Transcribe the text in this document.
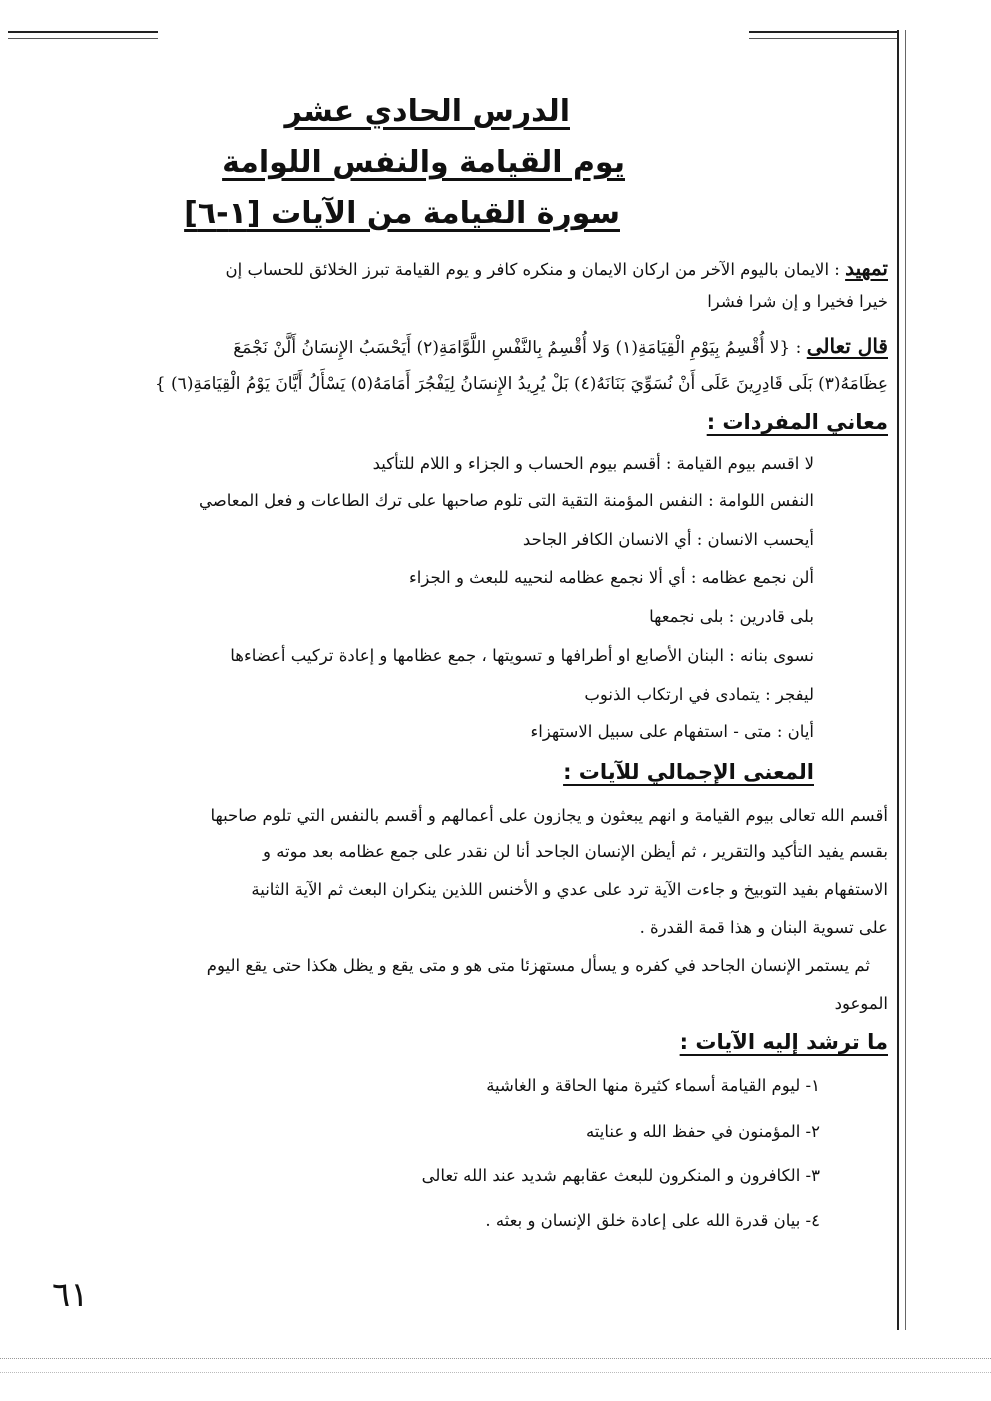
الدرس الحادي عشر
يوم القيامة والنفس اللوامة
سورة القيامة من الآيات [١-٦]
تمهيد : الايمان باليوم الآخر من اركان الايمان و منكره كافر و يوم القيامة تبرز الخلائق للحساب إن
خيرا فخيرا و إن شرا فشرا
قال تعالى : {لا أُقْسِمُ بِيَوْمِ الْقِيَامَةِ(١) وَلا أُقْسِمُ بِالنَّفْسِ اللَّوَّامَةِ(٢) أَيَحْسَبُ الإِنسَانُ أَلَّنْ نَجْمَعَ
عِظَامَهُ(٣) بَلَى قَادِرِينَ عَلَى أَنْ نُسَوِّيَ بَنَانَهُ(٤) بَلْ يُرِيدُ الإِنسَانُ لِيَفْجُرَ أَمَامَهُ(٥) يَسْأَلُ أَيَّانَ يَوْمُ الْقِيَامَةِ(٦) }
معاني المفردات :
لا اقسم بيوم القيامة : أقسم بيوم الحساب و الجزاء و اللام للتأكيد
النفس اللوامة : النفس المؤمنة التقية التى تلوم صاحبها على ترك الطاعات و فعل المعاصي
أيحسب الانسان : أي الانسان الكافر الجاحد
ألن نجمع عظامه : أي ألا نجمع عظامه لنحييه للبعث و الجزاء
بلى قادرين : بلى نجمعها
نسوى بنانه : البنان الأصابع او أطرافها و تسويتها ، جمع عظامها و إعادة تركيب أعضاءها
ليفجر : يتمادى في ارتكاب الذنوب
أيان : متى - استفهام على سبيل الاستهزاء
المعنى الإجمالي للآيات :
أقسم الله تعالى بيوم القيامة و انهم يبعثون و يجازون على أعمالهم و أقسم بالنفس التي تلوم صاحبها
بقسم يفيد التأكيد والتقرير ، ثم أيظن الإنسان الجاحد أنا لن نقدر على جمع عظامه بعد موته و
الاستفهام بفيد التوبيخ و جاءت الآية ترد على عدي و الأخنس اللذين ينكران البعث ثم الآية الثانية
على تسوية البنان و هذا قمة القدرة .
ثم يستمر الإنسان الجاحد في كفره و يسأل مستهزئا متى هو و متى يقع و يظل هكذا حتى يقع اليوم
الموعود
ما ترشد إليه الآيات :
١- ليوم القيامة أسماء كثيرة منها الحاقة و الغاشية
٢- المؤمنون في حفظ الله و عنايته
٣- الكافرون و المنكرون للبعث عقابهم شديد عند الله تعالى
٤- بيان قدرة الله على إعادة خلق الإنسان و بعثه .
٦١
